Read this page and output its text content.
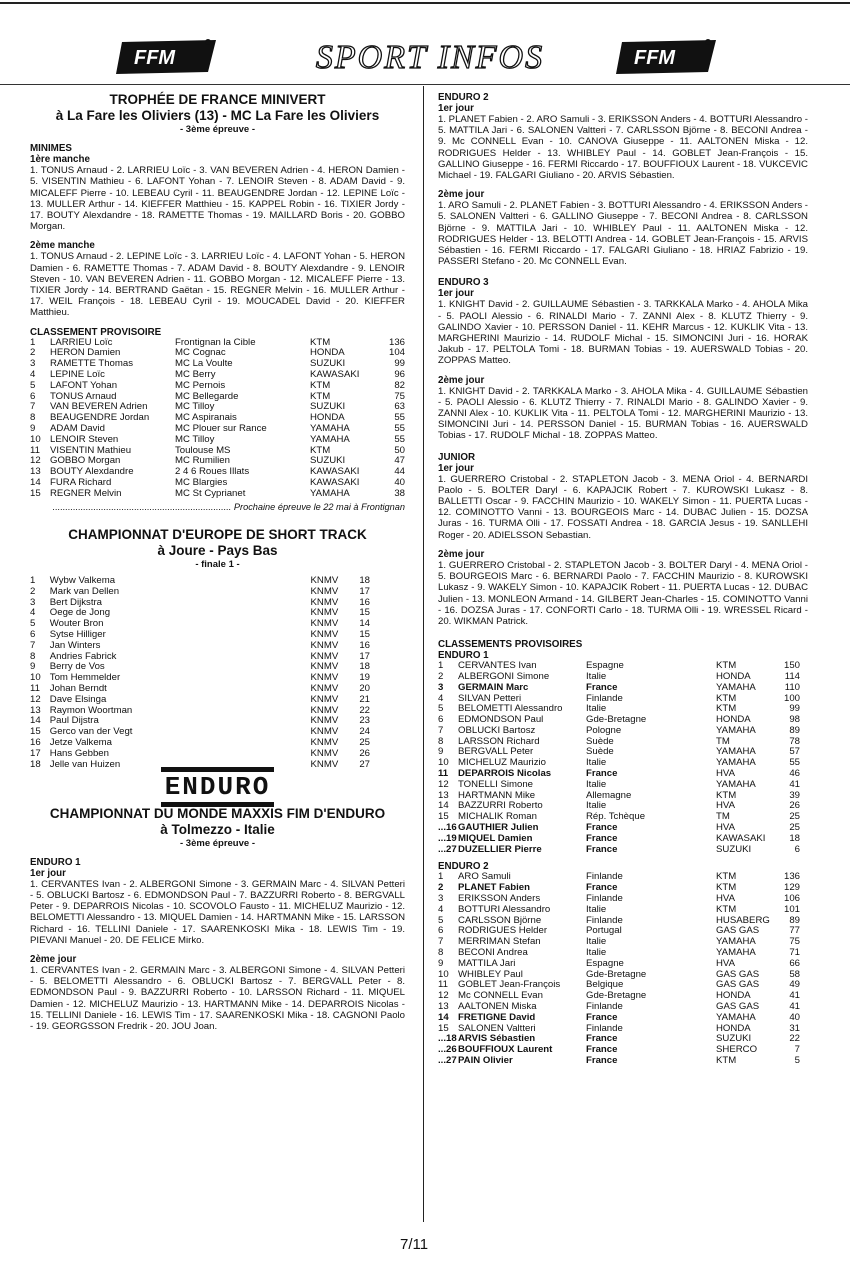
FFM	SPORT INFOS	FFM
TROPHÉE DE FRANCE MINIVERT
à La Fare les Oliviers (13) - MC La Fare les Oliviers
- 3ème épreuve -
MINIMES
1ère manche

1. TONUS Arnaud - 2. LARRIEU Loïc - 3. VAN BEVEREN Adrien - 4. HERON Damien - 5. VISENTIN Mathieu - 6. LAFONT Yohan - 7. LENOIR Steven - 8. ADAM David - 9. MICALEFF Pierre - 10. LEBEAU Cyril - 11. BEAUGENDRE Jordan - 12. LEPINE Loïc - 13. MULLER Arthur - 14. KIEFFER Matthieu - 15. KAPPEL Robin - 16. TIXIER Jordy - 17. BOUTY Alexdandre - 18. RAMETTE Thomas - 19. MAILLARD Boris - 20. GOBBO Morgan.

2ème manche

1. TONUS Arnaud - 2. LEPINE Loïc - 3. LARRIEU Loïc - 4. LAFONT Yohan - 5. HERON Damien - 6. RAMETTE Thomas - 7. ADAM David - 8. BOUTY Alexdandre - 9. LENOIR Steven - 10. VAN BEVEREN Adrien - 11. GOBBO Morgan - 12. MICALEFF Pierre - 13. TIXIER Jordy - 14. BERTRAND Gaëtan - 15. REGNER Melvin - 16. MULLER Arthur - 17. WEIL François - 18. LEBEAU Cyril - 19. MOUCADEL David - 20. KIEFFER Matthieu.

CLASSEMENT PROVISOIRE
1	LARRIEU Loïc	Frontignan la Cible	KTM	136
2	HERON Damien	MC Cognac	HONDA	104
3	RAMETTE Thomas	MC La Voulte	SUZUKI	99
4	LEPINE Loïc	MC Berry	KAWASAKI	96
5	LAFONT Yohan	MC Pernois	KTM	82
6	TONUS Arnaud	MC Bellegarde	KTM	75
7	VAN BEVEREN Adrien	MC Tilloy	SUZUKI	63
8	BEAUGENDRE Jordan	MC Aspiranais	HONDA	55
9	ADAM David	MC Plouer sur Rance	YAMAHA	55
10	LENOIR Steven	MC Tilloy	YAMAHA	55
11	VISENTIN Mathieu	Toulouse MS	KTM	50
12	GOBBO Morgan	MC Rumilien	SUZUKI	47
13	BOUTY Alexdandre	2 4 6 Roues Illats	KAWASAKI	44
14	FURA Richard	MC Blargies	KAWASAKI	40
15	REGNER Melvin	MC St Cyprianet	YAMAHA	38
...................................................................... Prochaine épreuve le 22 mai à Frontignan
CHAMPIONNAT D'EUROPE DE SHORT TRACK
à Joure - Pays Bas
- finale 1 -
1	Wybw Valkema	KNMV	18
2	Mark van Dellen	KNMV	17
3	Bert Dijkstra	KNMV	16
4	Oege de Jong	KNMV	15
5	Wouter Bron	KNMV	14
6	Sytse Hilliger	KNMV	15
7	Jan Winters	KNMV	16
8	Andries Fabrick	KNMV	17
9	Berry de Vos	KNMV	18
10	Tom Hemmelder	KNMV	19
11	Johan Berndt	KNMV	20
12	Dave Elsinga	KNMV	21
13	Raymon Woortman	KNMV	22
14	Paul Dijstra	KNMV	23
15	Gerco van der Vegt	KNMV	24
16	Jetze Valkema	KNMV	25
17	Hans Gebben	KNMV	26
18	Jelle van Huizen	KNMV	27
ENDURO
CHAMPIONNAT DU MONDE MAXXIS FIM D'ENDURO
à Tolmezzo - Italie
- 3ème épreuve -
ENDURO 1
1er jour

1. CERVANTES Ivan - 2. ALBERGONI Simone - 3. GERMAIN Marc - 4. SILVAN Petteri - 5. OBLUCKI Bartosz - 6. EDMONDSON Paul - 7. BAZZURRI Roberto - 8. BERGVALL Peter - 9. DEPARROIS Nicolas - 10. SCOVOLO Fausto - 11. MICHELUZ Maurizio - 12. BELOMETTI Alessandro - 13. MIQUEL Damien - 14. HARTMANN Mike - 15. LARSSON Richard - 16. TELLINI Daniele - 17. SAARENKOSKI Mika - 18. LEWIS Tim - 19. PIEVANI Manuel - 20. DE FELICE Mirko.

2ème jour

1. CERVANTES Ivan - 2. GERMAIN Marc - 3. ALBERGONI Simone - 4. SILVAN Petteri - 5. BELOMETTI Alessandro - 6. OBLUCKI Bartosz - 7. BERGVALL Peter - 8. EDMONDSON Paul - 9. BAZZURRI Roberto - 10. LARSSON Richard - 11. MIQUEL Damien - 12. MICHELUZ Maurizio - 13. HARTMANN Mike - 14. DEPARROIS Nicolas - 15. TELLINI Daniele - 16. LEWIS Tim - 17. SAARENKOSKI Mika - 18. CAGNONI Paolo - 19. GEORGSSON Fredrik - 20. JOU Joan.

ENDURO 2
1er jour

1. PLANET Fabien - 2. ARO Samuli - 3. ERIKSSON Anders - 4. BOTTURI Alessandro - 5. MATTILA Jari - 6. SALONEN Valtteri - 7. CARLSSON Björne - 8. BECONI Andrea - 9. Mc CONNELL Evan - 10. CANOVA Giuseppe - 11. AALTONEN Miska - 12. RODRIGUES Helder - 13. WHIBLEY Paul - 14. GOBLET Jean-François - 15. GALLINO Giuseppe - 16. FERMI Riccardo - 17. BOUFFIOUX Laurent - 18. VUKCEVIC Michael - 19. FALGARI Giuliano - 20. ARVIS Sébastien.

2ème jour

1. ARO Samuli - 2. PLANET Fabien - 3. BOTTURI Alessandro - 4. ERIKSSON Anders - 5. SALONEN Valtteri - 6. GALLINO Giuseppe - 7. BECONI Andrea - 8. CARLSSON Björne - 9. MATTILA Jari - 10. WHIBLEY Paul - 11. AALTONEN Miska - 12. RODRIGUES Helder - 13. BELOTTI Andrea - 14. GOBLET Jean-François - 15. ARVIS Sébastien - 16. FERMI Riccardo - 17. FALGARI Giuliano - 18. HRIAZ Fabrizio - 19. PASSERI Stefano - 20. Mc CONNELL Evan.

ENDURO 3
1er jour

1. KNIGHT David - 2. GUILLAUME Sébastien - 3. TARKKALA Marko - 4. AHOLA Mika - 5. PAOLI Alessio - 6. RINALDI Mario - 7. ZANNI Alex - 8. KLUTZ Thierry - 9. GALINDO Xavier - 10. PERSSON Daniel - 11. KEHR Marcus - 12. KUKLIK Vita - 13. MARGHERINI Maurizio - 14. RUDOLF Michal - 15. SIMONCINI Juri - 16. HORAK Jakub - 17. PELTOLA Tomi - 18. BURMAN Tobias - 19. AUERSWALD Tobias - 20. ZOPPAS Matteo.

2ème jour

1. KNIGHT David - 2. TARKKALA Marko - 3. AHOLA Mika - 4. GUILLAUME Sébastien - 5. PAOLI Alessio - 6. KLUTZ Thierry - 7. RINALDI Mario - 8. GALINDO Xavier - 9. ZANNI Alex - 10. KUKLIK Vita - 11. PELTOLA Tomi - 12. MARGHERINI Maurizio - 13. SIMONCINI Juri - 14. PERSSON Daniel - 15. BURMAN Tobias - 16. AUERSWALD Tobias - 17. RUDOLF Michal - 18. ZOPPAS Matteo.

JUNIOR
1er jour

1. GUERRERO Cristobal - 2. STAPLETON Jacob - 3. MENA Oriol - 4. BERNARDI Paolo - 5. BOLTER Daryl - 6. KAPAJCIK Robert - 7. KUROWSKI Lukasz - 8. BALLETTI Oscar - 9. FACCHIN Maurizio - 10. WAKELY Simon - 11. PUERTA Lucas - 12. COMINOTTO Vanni - 13. BOURGEOIS Marc - 14. DUBAC Julien - 15. DOZSA Juras - 16. TURMA Olli - 17. FOSSATI Andrea - 18. GARCIA Jesus - 19. SANLLEHI Roger - 20. ADIELSSON Sebastian.

2ème jour

1. GUERRERO Cristobal - 2. STAPLETON Jacob - 3. BOLTER Daryl - 4. MENA Oriol - 5. BOURGEOIS Marc - 6. BERNARDI Paolo - 7. FACCHIN Maurizio - 8. KUROWSKI Lukasz - 9. WAKELY Simon - 10. KAPAJCIK Robert - 11. PUERTA Lucas - 12. DUBAC Julien - 13. MONLEON Armand - 14. GILBERT Jean-Charles - 15. COMINOTTO Vanni - 16. DOZSA Juras - 17. CONFORTI Carlo - 18. TURMA Olli - 19. WRESSEL Ricard - 20. WIKMAN Patrick.

CLASSEMENTS PROVISOIRES
ENDURO 1
1	CERVANTES Ivan	Espagne	KTM	150
2	ALBERGONI Simone	Italie	HONDA	114
3	GERMAIN Marc	France	YAMAHA	110
4	SILVAN Petteri	Finlande	KTM	100
5	BELOMETTI Alessandro	Italie	KTM	99
6	EDMONDSON Paul	Gde-Bretagne	HONDA	98
7	OBLUCKI Bartosz	Pologne	YAMAHA	89
8	LARSSON Richard	Suède	TM	78
9	BERGVALL Peter	Suède	YAMAHA	57
10	MICHELUZ Maurizio	Italie	YAMAHA	55
11	DEPARROIS Nicolas	France	HVA	46
12	TONELLI Simone	Italie	YAMAHA	41
13	HARTMANN Mike	Allemagne	KTM	39
14	BAZZURRI Roberto	Italie	HVA	26
15	MICHALIK Roman	Rép. Tchèque	TM	25
...16	GAUTHIER Julien	France	HVA	25
...19	MIQUEL Damien	France	KAWASAKI	18
...27	DUZELLIER Pierre	France	SUZUKI	6
ENDURO 2
1	ARO Samuli	Finlande	KTM	136
2	PLANET Fabien	France	KTM	129
3	ERIKSSON Anders	Finlande	HVA	106
4	BOTTURI Alessandro	Italie	KTM	101
5	CARLSSON Björne	Finlande	HUSABERG	89
6	RODRIGUES Helder	Portugal	GAS GAS	77
7	MERRIMAN Stefan	Italie	YAMAHA	75
8	BECONI Andrea	Italie	YAMAHA	71
9	MATTILA Jari	Espagne	HVA	66
10	WHIBLEY Paul	Gde-Bretagne	GAS GAS	58
11	GOBLET Jean-François	Belgique	GAS GAS	49
12	Mc CONNELL Evan	Gde-Bretagne	HONDA	41
13	AALTONEN Miska	Finlande	GAS GAS	41
14	FRETIGNE David	France	YAMAHA	40
15	SALONEN Valtteri	Finlande	HONDA	31
...18	ARVIS Sébastien	France	SUZUKI	22
...26	BOUFFIOUX Laurent	France	SHERCO	7
...27	PAIN Olivier	France	KTM	5
7/11
